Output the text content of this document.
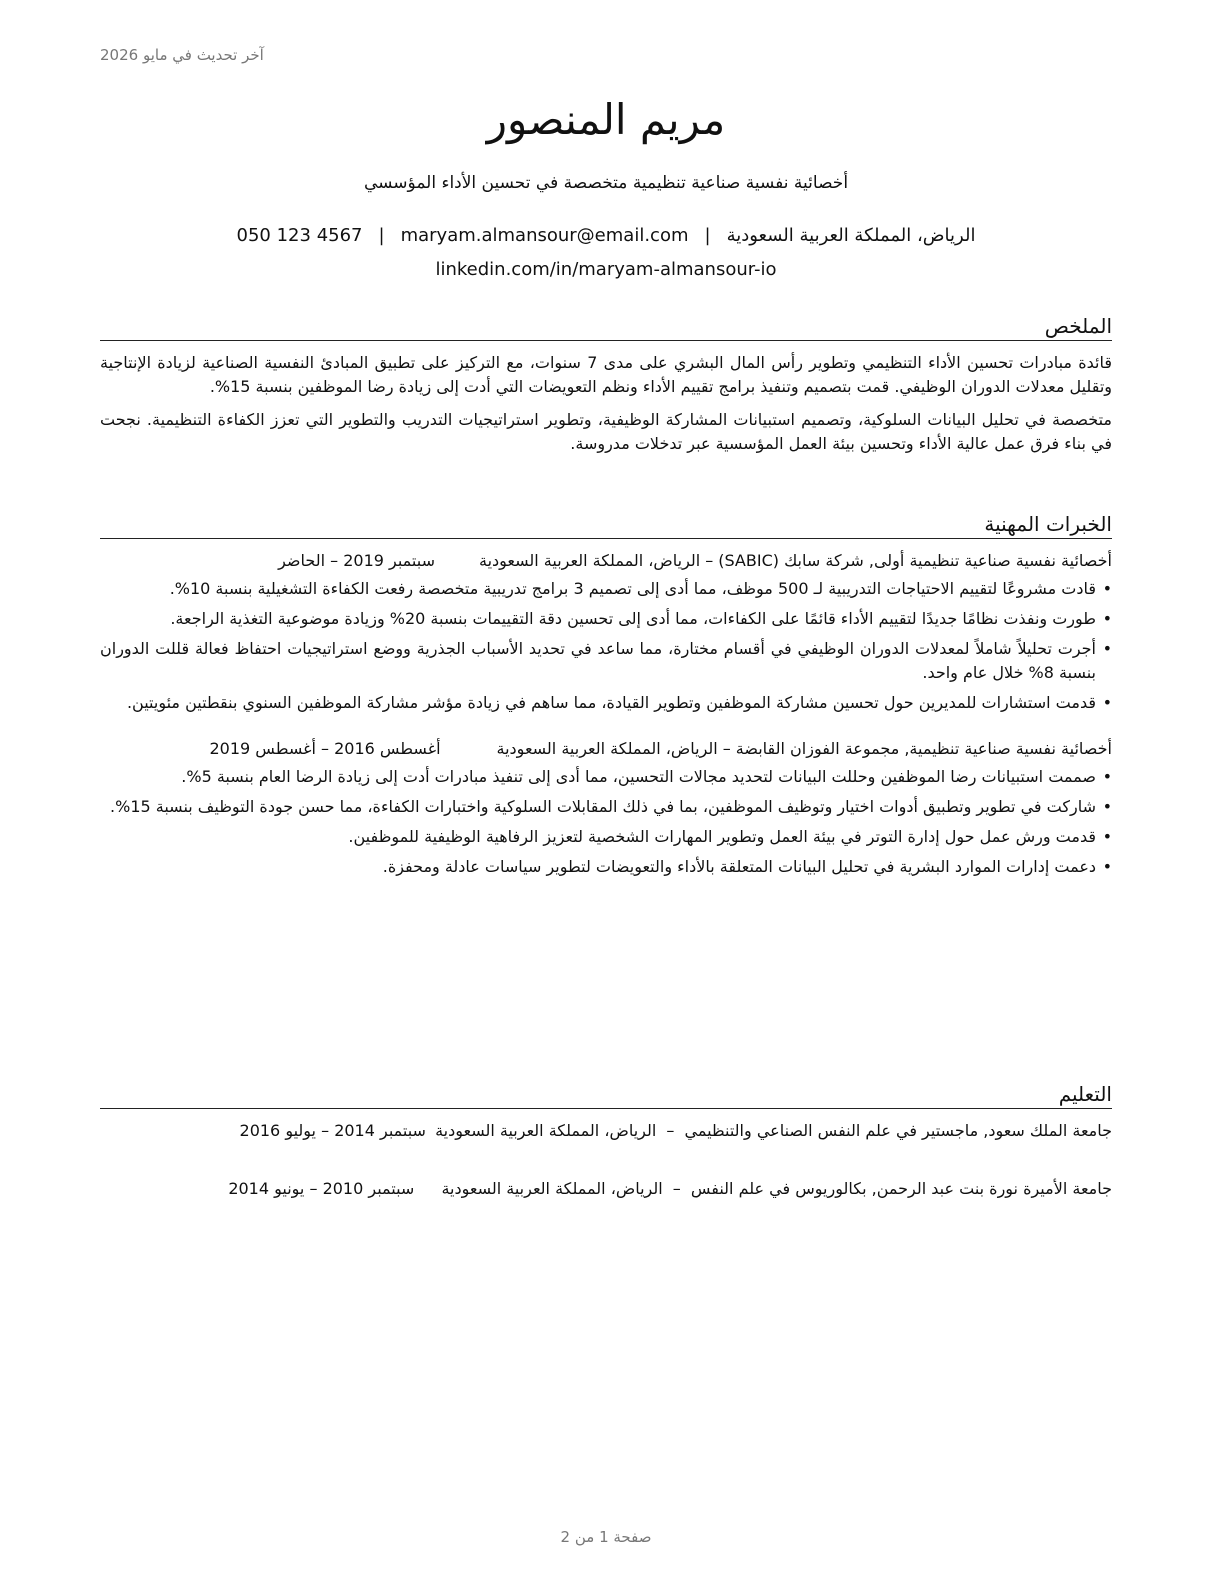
آخر تحديث في مايو 2026
مريم المنصور
أخصائية نفسية صناعية تنظيمية متخصصة في تحسين الأداء المؤسسي
الرياض، المملكة العربية السعودية|maryam.almansour@email.com|050 123 4567
linkedin.com/in/maryam-almansour-io
الملخص

قائدة مبادرات تحسين الأداء التنظيمي وتطوير رأس المال البشري على مدى 7 سنوات، مع التركيز على تطبيق المبادئ النفسية الصناعية لزيادة الإنتاجية وتقليل معدلات الدوران الوظيفي. قمت بتصميم وتنفيذ برامج تقييم الأداء ونظم التعويضات التي أدت إلى زيادة رضا الموظفين بنسبة 15%.

متخصصة في تحليل البيانات السلوكية، وتصميم استبيانات المشاركة الوظيفية، وتطوير استراتيجيات التدريب والتطوير التي تعزز الكفاءة التنظيمية. نجحت في بناء فرق عمل عالية الأداء وتحسين بيئة العمل المؤسسية عبر تدخلات مدروسة.

الخبرات المهنية
أخصائية نفسية صناعية تنظيمية أولى, شركة سابك (SABIC)
–
الرياض، المملكة العربية السعودية
سبتمبر 2019 – الحاضر
• قادت مشروعًا لتقييم الاحتياجات التدريبية لـ 500 موظف، مما أدى إلى تصميم 3 برامج تدريبية متخصصة رفعت الكفاءة التشغيلية بنسبة 10%.
• طورت ونفذت نظامًا جديدًا لتقييم الأداء قائمًا على الكفاءات، مما أدى إلى تحسين دقة التقييمات بنسبة 20% وزيادة موضوعية التغذية الراجعة.
• أجرت تحليلاً شاملاً لمعدلات الدوران الوظيفي في أقسام مختارة، مما ساعد في تحديد الأسباب الجذرية ووضع استراتيجيات احتفاظ فعالة قللت الدوران بنسبة 8% خلال عام واحد.
• قدمت استشارات للمديرين حول تحسين مشاركة الموظفين وتطوير القيادة، مما ساهم في زيادة مؤشر مشاركة الموظفين السنوي بنقطتين مئويتين.
أخصائية نفسية صناعية تنظيمية, مجموعة الفوزان القابضة
–
الرياض، المملكة العربية السعودية
أغسطس 2016 – أغسطس 2019
• صممت استبيانات رضا الموظفين وحللت البيانات لتحديد مجالات التحسين، مما أدى إلى تنفيذ مبادرات أدت إلى زيادة الرضا العام بنسبة 5%.
• شاركت في تطوير وتطبيق أدوات اختيار وتوظيف الموظفين، بما في ذلك المقابلات السلوكية واختبارات الكفاءة، مما حسن جودة التوظيف بنسبة 15%.
• قدمت ورش عمل حول إدارة التوتر في بيئة العمل وتطوير المهارات الشخصية لتعزيز الرفاهية الوظيفية للموظفين.
• دعمت إدارات الموارد البشرية في تحليل البيانات المتعلقة بالأداء والتعويضات لتطوير سياسات عادلة ومحفزة.
التعليم
جامعة الملك سعود, ماجستير في علم النفس الصناعي والتنظيمي – الرياض، المملكة العربية السعودية سبتمبر 2014 – يوليو 2016
جامعة الأميرة نورة بنت عبد الرحمن, بكالوريوس في علم النفس – الرياض، المملكة العربية السعودية سبتمبر 2010 – يونيو 2014
صفحة 1 من 2
